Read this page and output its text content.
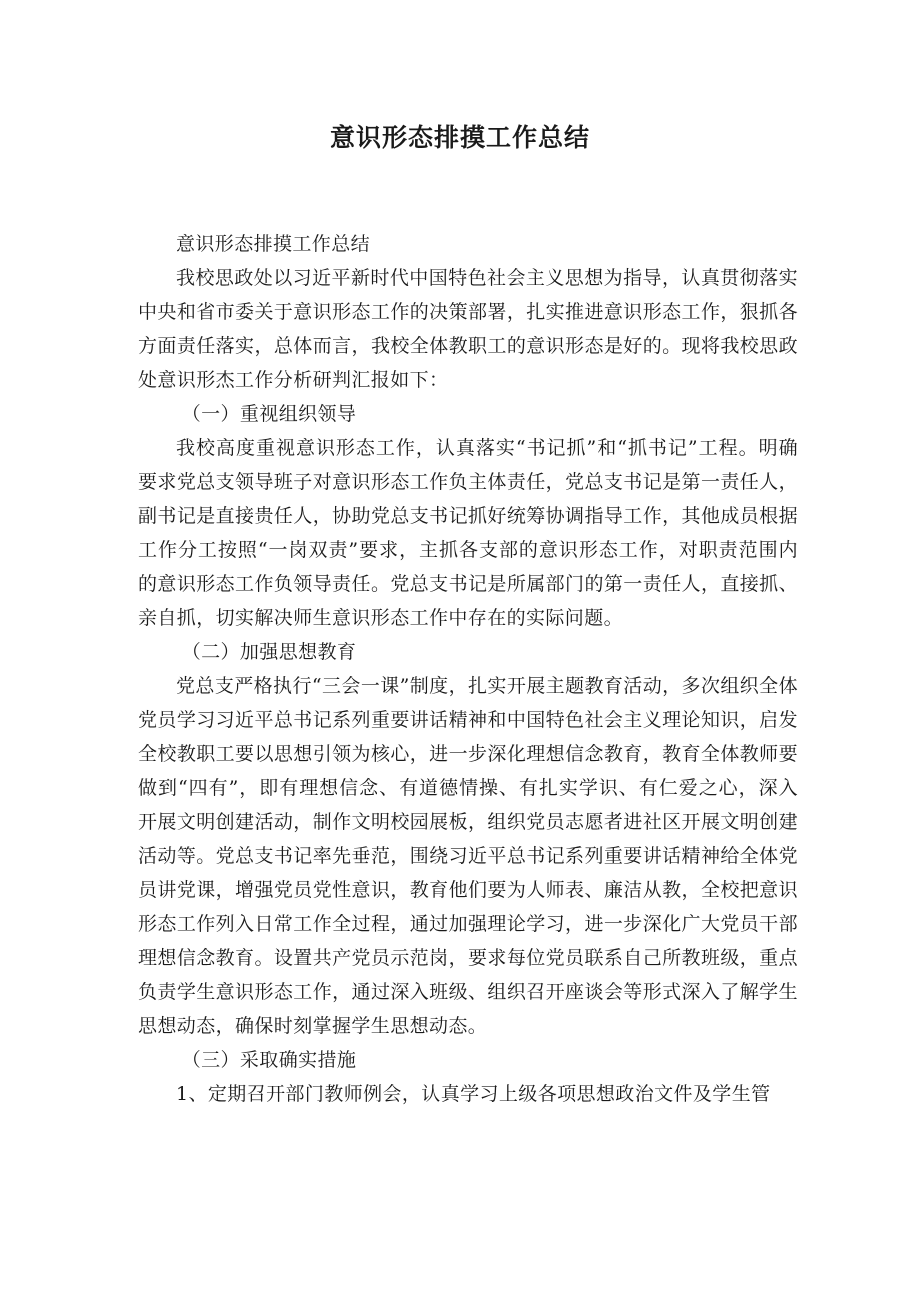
意识形态排摸工作总结

意识形态排摸工作总结

我校思政处以习近平新时代中国特色社会主义思想为指导，认真贯彻落实中央和省市委关于意识形态工作的决策部署，扎实推进意识形态工作，狠抓各方面责任落实，总体而言，我校全体教职工的意识形态是好的。现将我校思政处意识形杰工作分析研判汇报如下：

（一）重视组织领导

我校高度重视意识形态工作，认真落实“书记抓”和“抓书记”工程。明确要求党总支领导班子对意识形态工作负主体责任，党总支书记是第一责任人，副书记是直接贵任人，协助党总支书记抓好统筹协调指导工作，其他成员根据工作分工按照“一岗双责”要求，主抓各支部的意识形态工作，对职责范围内的意识形态工作负领导责任。党总支书记是所属部门的第一责任人，直接抓、亲自抓，切实解决师生意识形态工作中存在的实际问题。

（二）加强思想教育

党总支严格执行“三会一课”制度，扎实开展主题教育活动，多次组织全体党员学习习近平总书记系列重要讲话精神和中国特色社会主义理论知识，启发全校教职工要以思想引领为核心，进一步深化理想信念教育，教育全体教师要做到“四有”，即有理想信念、有道德情操、有扎实学识、有仁爱之心，深入开展文明创建活动，制作文明校园展板，组织党员志愿者进社区开展文明创建活动等。党总支书记率先垂范，围绕习近平总书记系列重要讲话精神给全体党员讲党课，增强党员党性意识，教育他们要为人师表、廉洁从教，全校把意识形态工作列入日常工作全过程，通过加强理论学习，进一步深化广大党员干部理想信念教育。设置共产党员示范岗，要求每位党员联系自己所教班级，重点负责学生意识形态工作，通过深入班级、组织召开座谈会等形式深入了解学生思想动态，确保时刻掌握学生思想动态。

（三）采取确实措施

1、定期召开部门教师例会，认真学习上级各项思想政治文件及学生管
